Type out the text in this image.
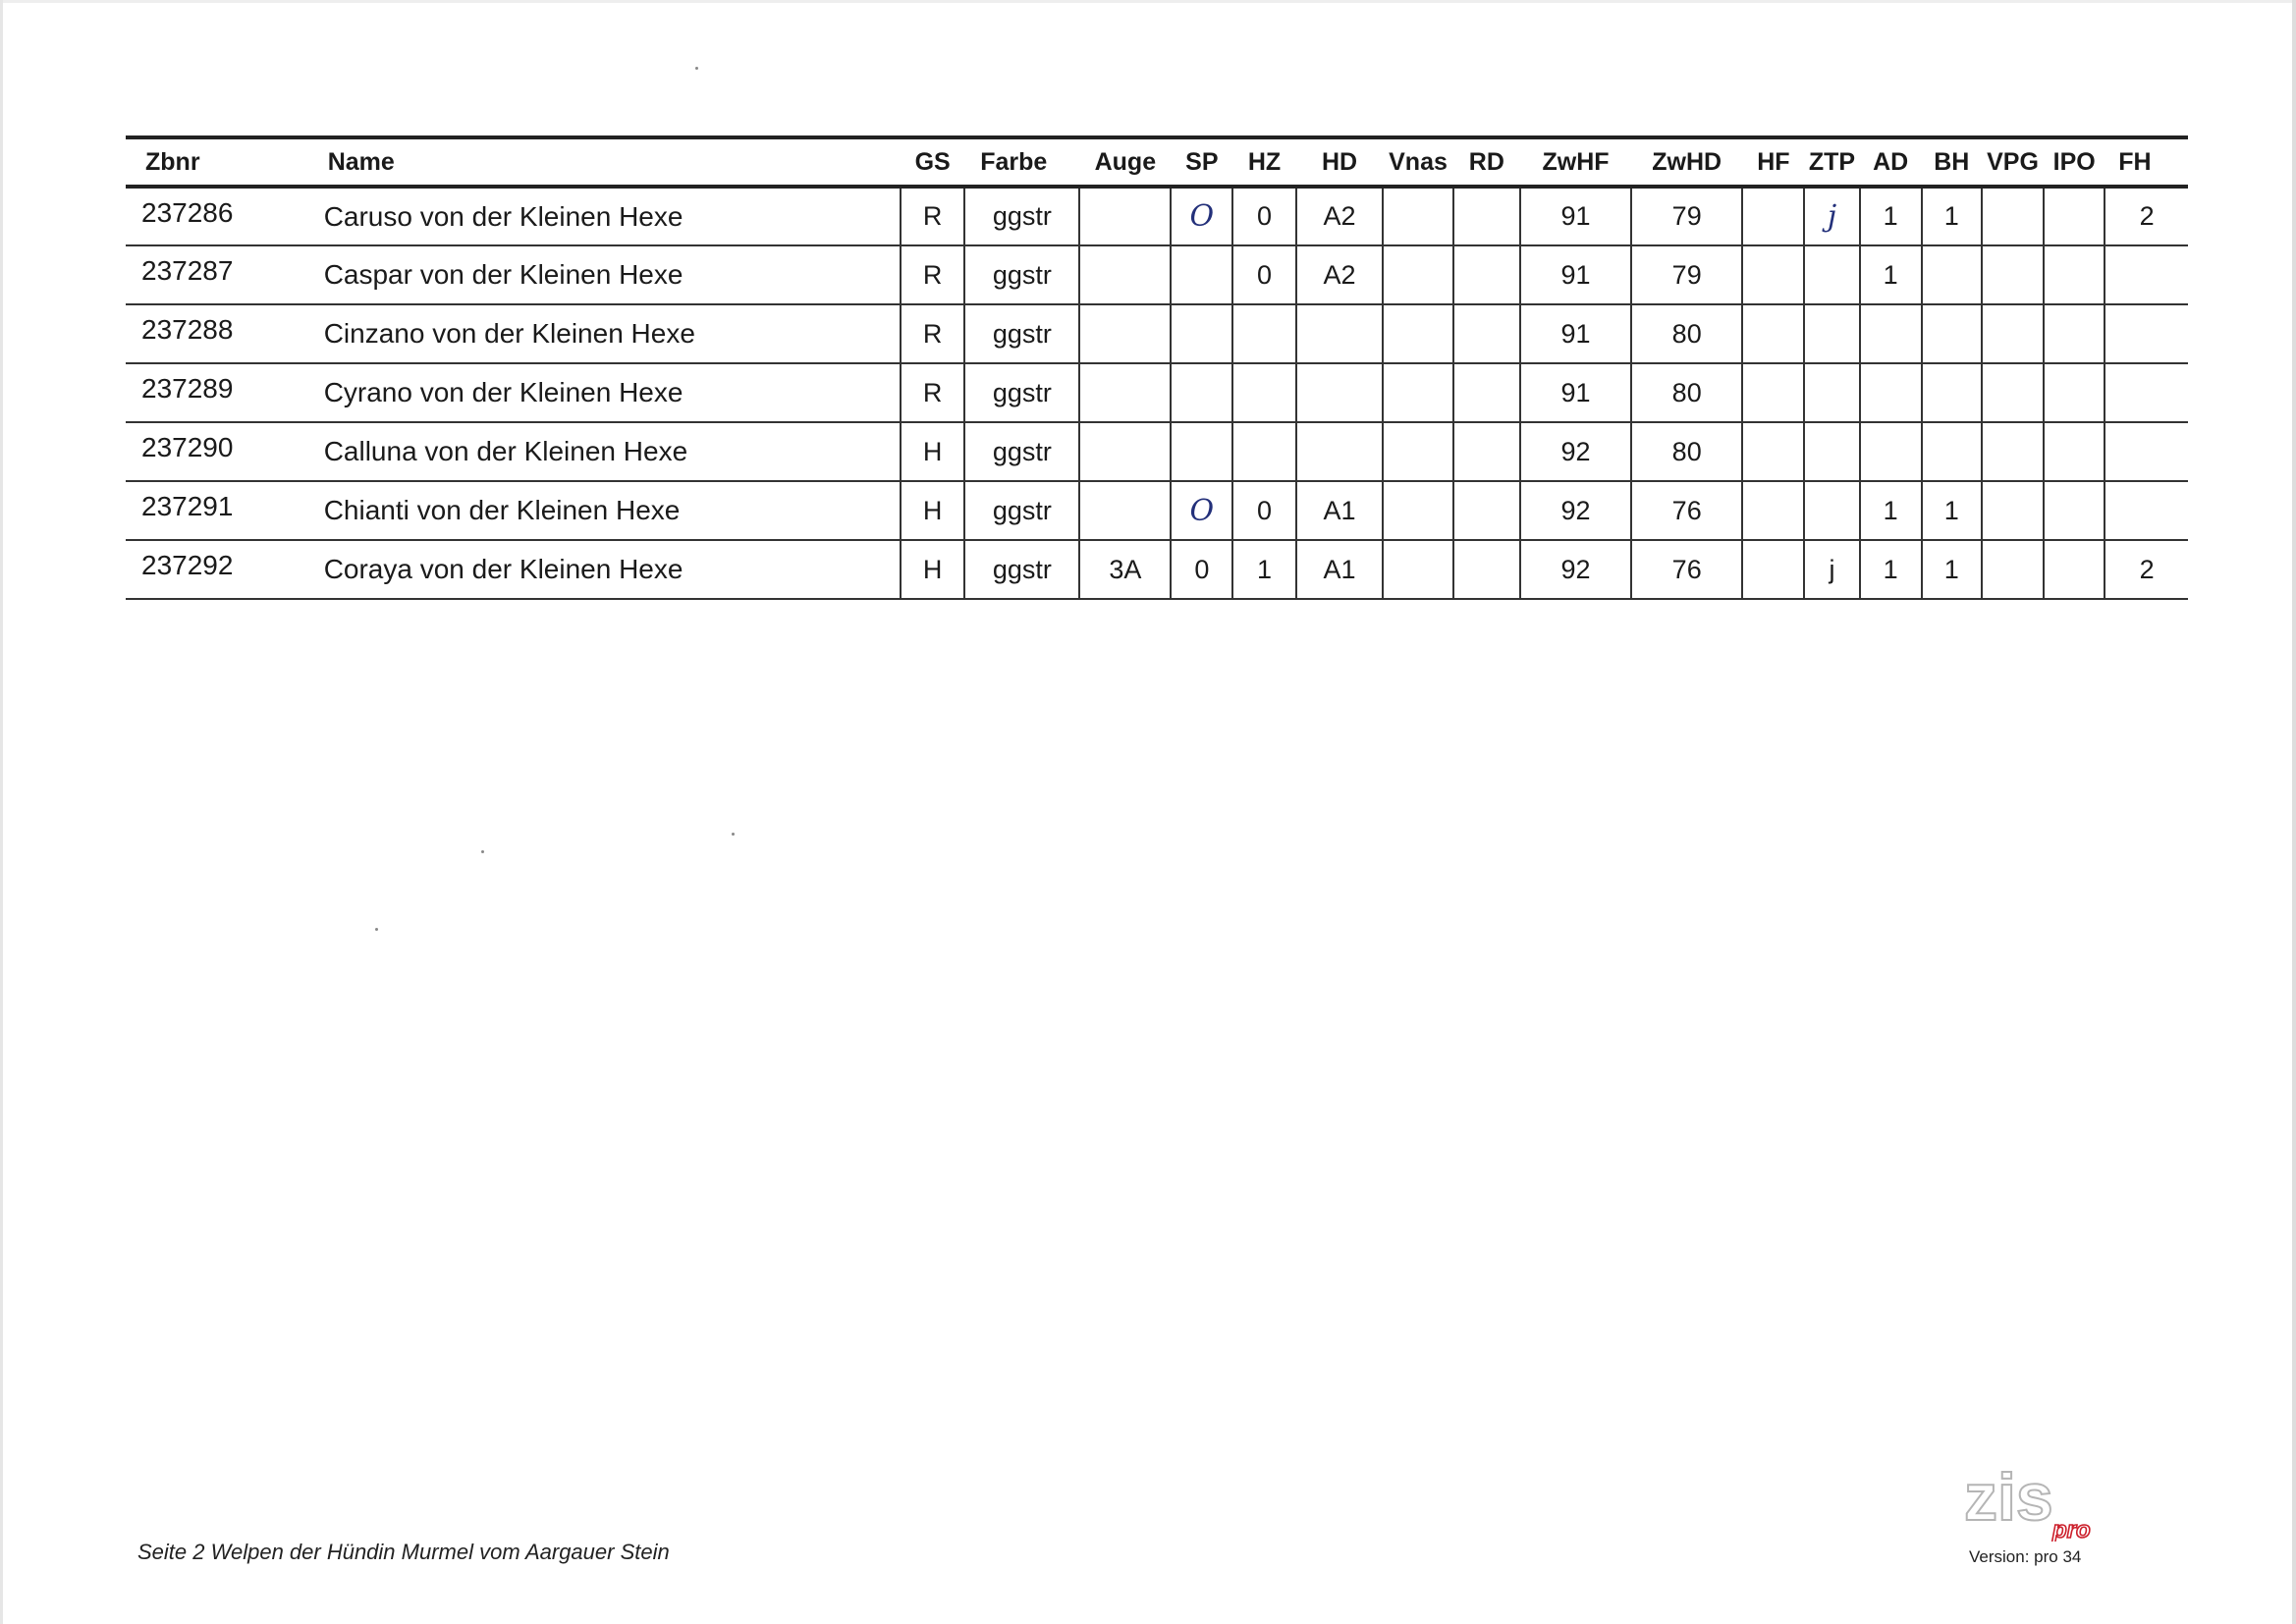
Zbnr	Name	GS	Farbe	Auge	SP	HZ	HD	Vnas	RD	ZwHF	ZwHD	HF	ZTP	AD	BH	VPG	IPO	FH
237286	Caruso von der Kleinen Hexe	R	ggstr		O	0	A2			91	79		j	1	1			2
237287	Caspar von der Kleinen Hexe	R	ggstr			0	A2			91	79			1				
237288	Cinzano von der Kleinen Hexe	R	ggstr							91	80							
237289	Cyrano von der Kleinen Hexe	R	ggstr							91	80							
237290	Calluna von der Kleinen Hexe	H	ggstr							92	80							
237291	Chianti von der Kleinen Hexe	H	ggstr		O	0	A1			92	76			1	1			
237292	Coraya von der Kleinen Hexe	H	ggstr	3A	0	1	A1			92	76		j	1	1			2
Seite 2 Welpen der Hündin Murmel vom Aargauer Stein
zis pro
Version: pro 34
